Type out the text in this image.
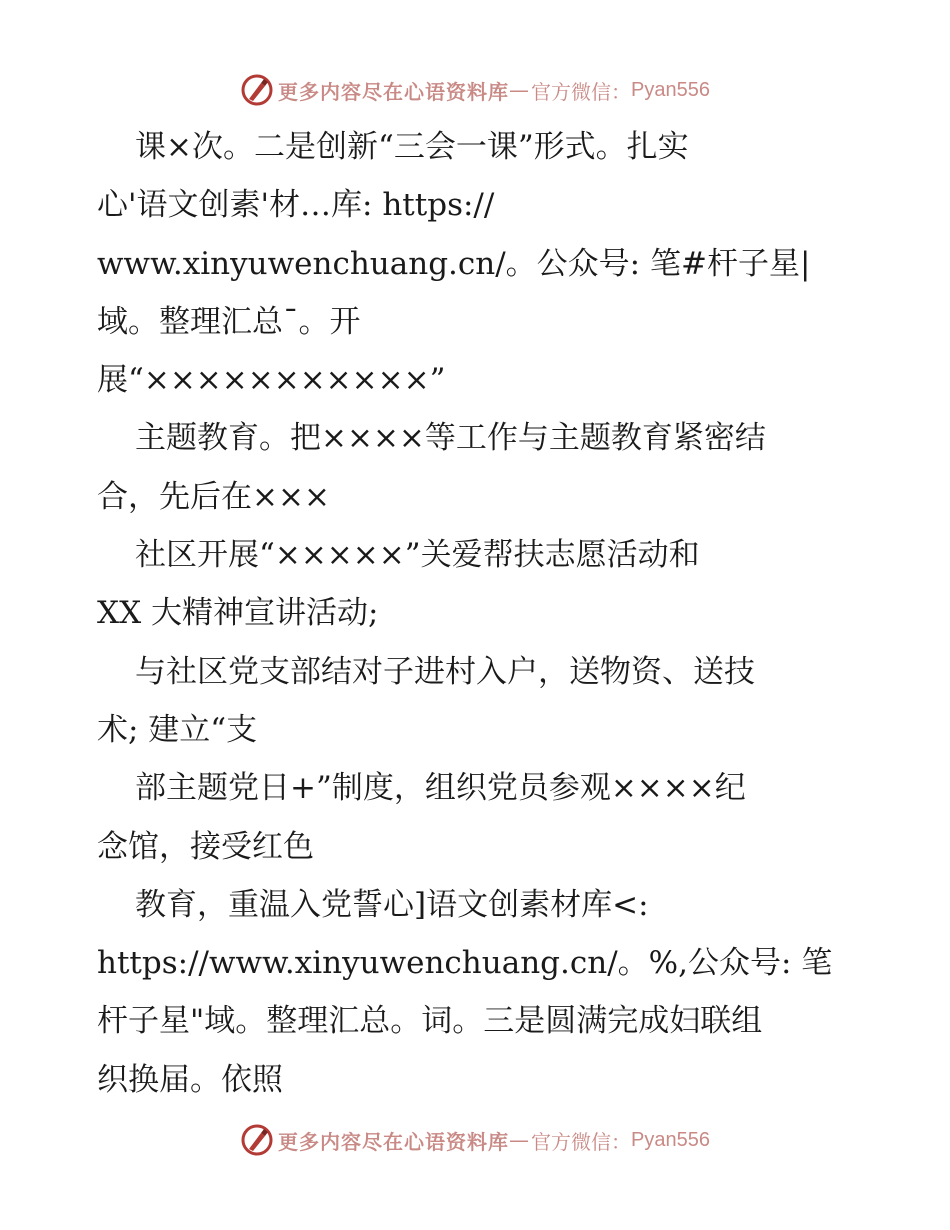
更多内容尽在心语资料库 — 官方微信： Pyan556
课×次。二是创新“三会一课”形式。扎实
心'语文创素'材…库: https://
www.xinyuwenchuang.cn/。公众号: 笔#杆子星|
域。整理汇总¯。开
展“×××××××××××”
主题教育。把××××等工作与主题教育紧密结
合，先后在×××
社区开展“×××××”关爱帮扶志愿活动和
XX 大精神宣讲活动;
与社区党支部结对子进村入户，送物资、送技
术; 建立“支
部主题党日+”制度，组织党员参观××××纪
念馆，接受红色
教育，重温入党誓心]语文创素材库<:
https://www.xinyuwenchuang.cn/。%,公众号: 笔
杆子星"域。整理汇总。词。三是圆满完成妇联组
织换届。依照
更多内容尽在心语资料库 — 官方微信： Pyan556
